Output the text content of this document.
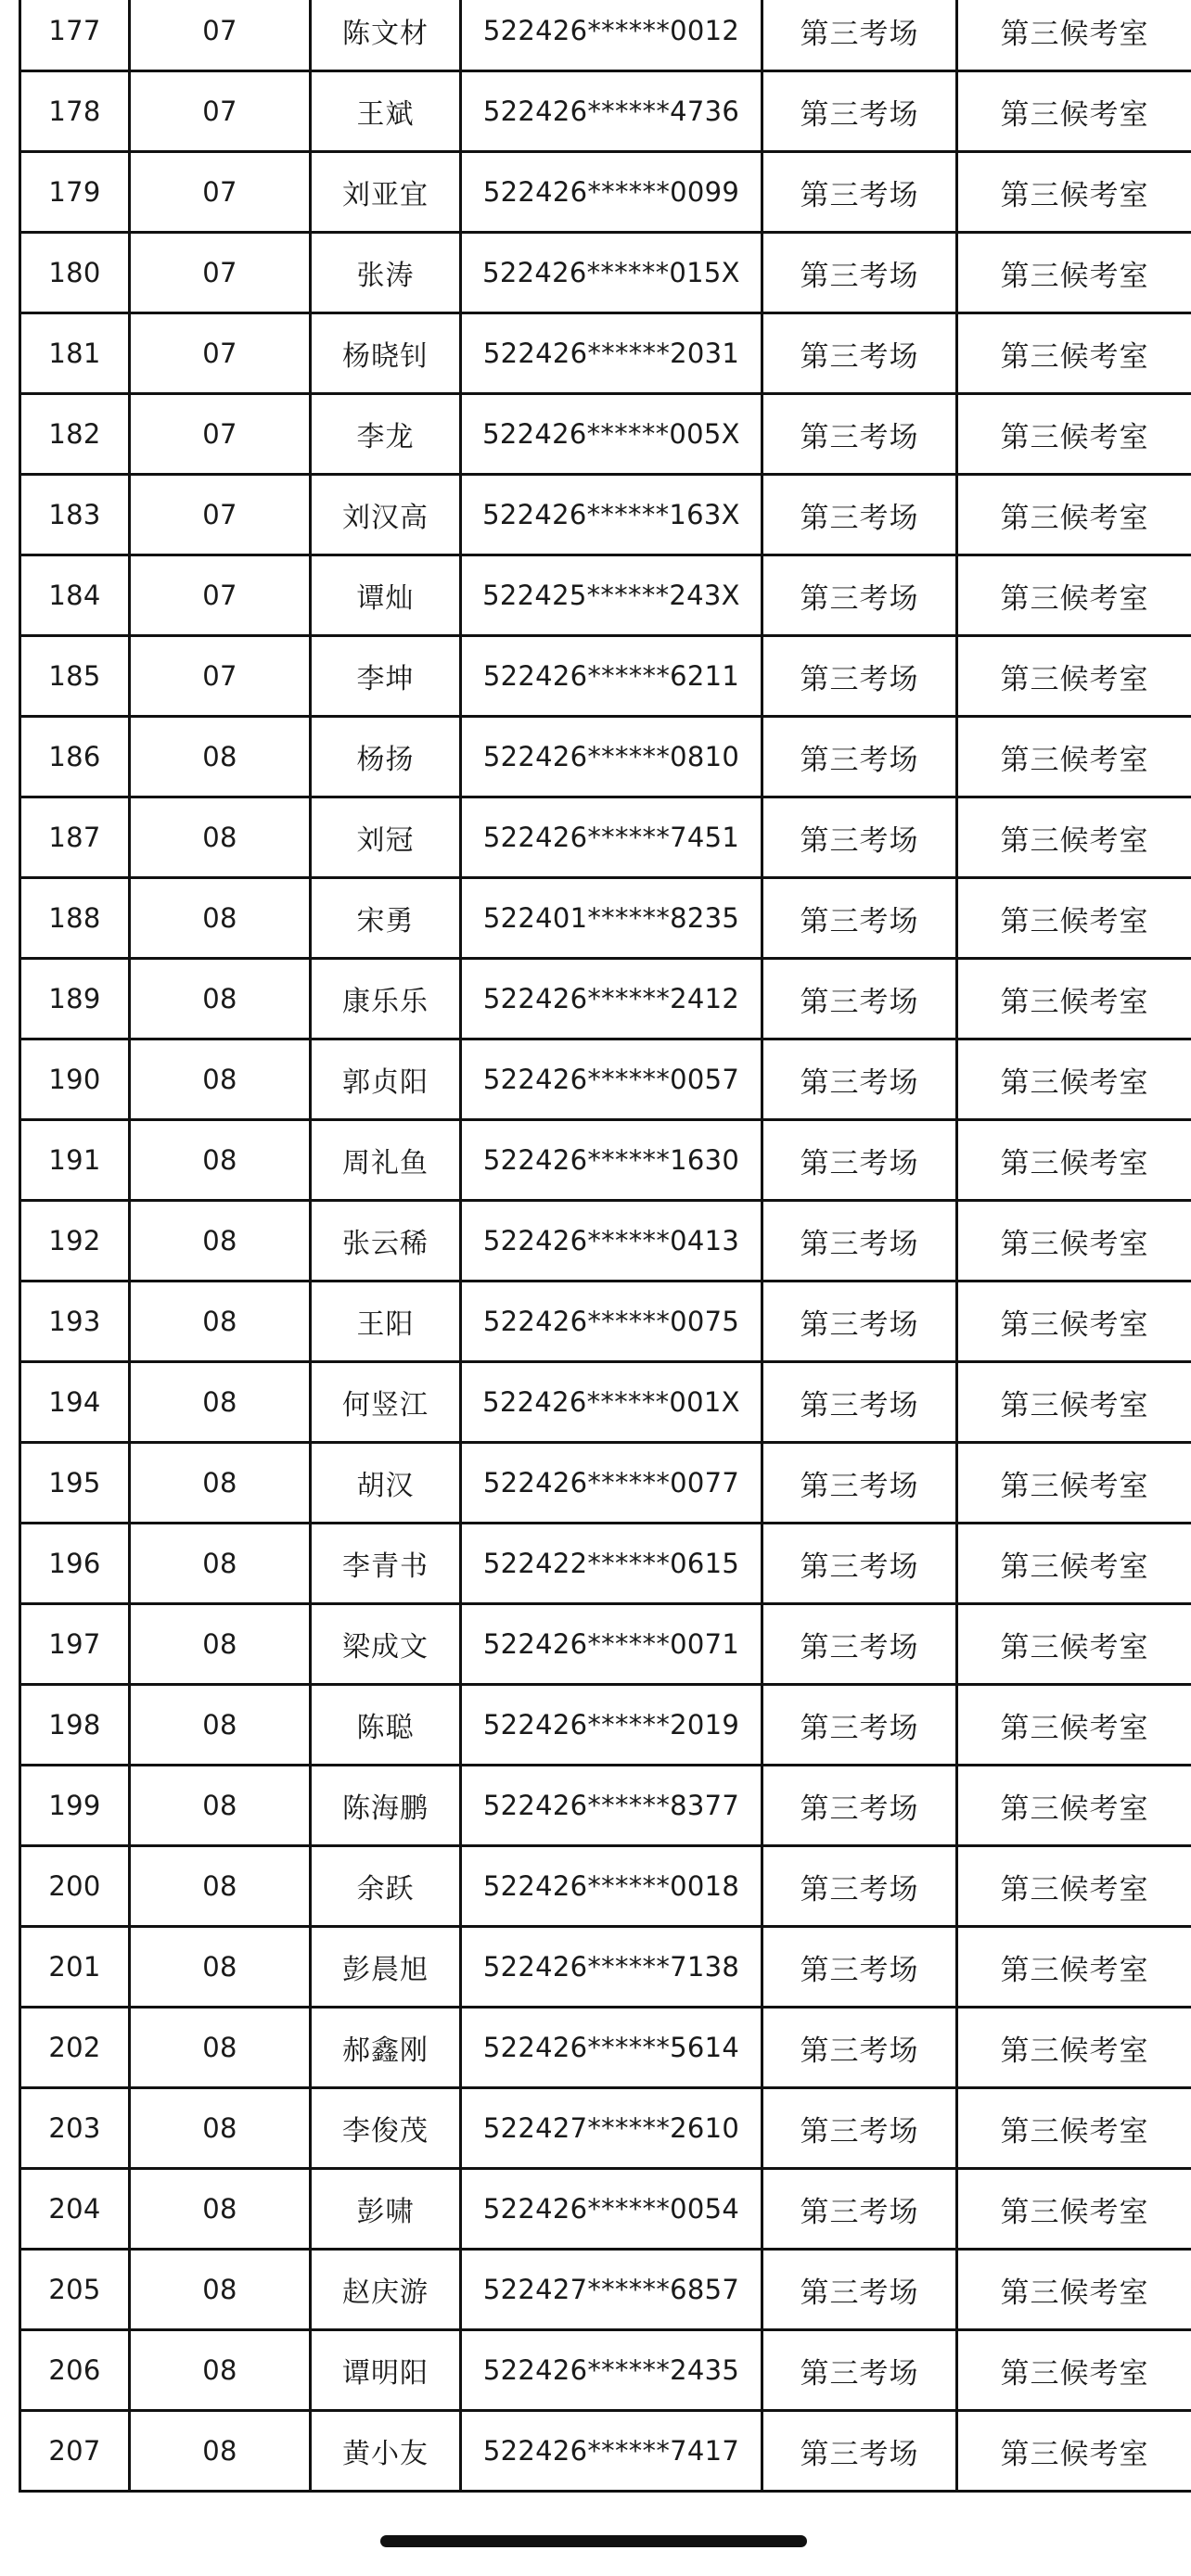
177	07	陈文材	522426******0012	第三考场	第三候考室
178	07	王斌	522426******4736	第三考场	第三候考室
179	07	刘亚宜	522426******0099	第三考场	第三候考室
180	07	张涛	522426******015X	第三考场	第三候考室
181	07	杨晓钊	522426******2031	第三考场	第三候考室
182	07	李龙	522426******005X	第三考场	第三候考室
183	07	刘汉高	522426******163X	第三考场	第三候考室
184	07	谭灿	522425******243X	第三考场	第三候考室
185	07	李坤	522426******6211	第三考场	第三候考室
186	08	杨扬	522426******0810	第三考场	第三候考室
187	08	刘冠	522426******7451	第三考场	第三候考室
188	08	宋勇	522401******8235	第三考场	第三候考室
189	08	康乐乐	522426******2412	第三考场	第三候考室
190	08	郭贞阳	522426******0057	第三考场	第三候考室
191	08	周礼鱼	522426******1630	第三考场	第三候考室
192	08	张云稀	522426******0413	第三考场	第三候考室
193	08	王阳	522426******0075	第三考场	第三候考室
194	08	何竖江	522426******001X	第三考场	第三候考室
195	08	胡汉	522426******0077	第三考场	第三候考室
196	08	李青书	522422******0615	第三考场	第三候考室
197	08	梁成文	522426******0071	第三考场	第三候考室
198	08	陈聪	522426******2019	第三考场	第三候考室
199	08	陈海鹏	522426******8377	第三考场	第三候考室
200	08	余跃	522426******0018	第三考场	第三候考室
201	08	彭晨旭	522426******7138	第三考场	第三候考室
202	08	郝鑫刚	522426******5614	第三考场	第三候考室
203	08	李俊茂	522427******2610	第三考场	第三候考室
204	08	彭啸	522426******0054	第三考场	第三候考室
205	08	赵庆游	522427******6857	第三考场	第三候考室
206	08	谭明阳	522426******2435	第三考场	第三候考室
207	08	黄小友	522426******7417	第三考场	第三候考室
